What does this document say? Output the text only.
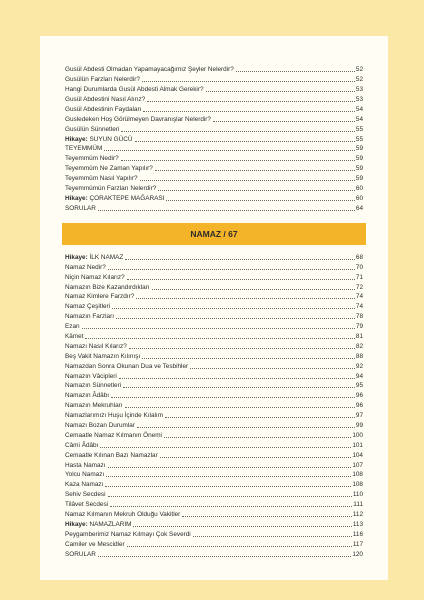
Gusül Abdesti Olmadan Yapamayacağımız Şeyler Nelerdir?	52
Gusülün Farzları Nelerdir?	52
Hangi Durumlarda Gusül Abdesti Almak Gerekir?	53
Gusül Abdestini Nasıl Alırız?	53
Gusül Abdestinin Faydaları	54
Gusledeken Hoş Görülmeyen Davranışlar Nelerdir?	54
Gusülün Sünnetleri	55
Hikaye: SUYUN GÜCÜ	55
TEYEMMÜM	59
Teyemmüm Nedir?	59
Teyemmüm Ne Zaman Yapılır?	59
Teyemmüm Nasıl Yapılır?	59
Teyemmümün Farzları Nelerdir?	60
Hikaye: ÇORAKTEPE MAĞARASI	60
SORULAR	64
NAMAZ / 67
Hikaye: İLK NAMAZ	68
Namaz Nedir?	70
Niçin Namaz Kılarız?	71
Namazın Bize Kazandırdıkları	72
Namaz Kimlere Farzdır?	74
Namaz Çeşitleri	74
Namazın Farzları	78
Ezan	79
Kâmet	81
Namazı Nasıl Kılarız?	82
Beş Vakit Namazın Kılınışı	88
Namazdan Sonra Okunan Dua ve Tesbihler	92
Namazın Vâcipleri	94
Namazın Sünnetleri	95
Namazın Âdâbı	96
Namazın Mekruhları	96
Namazlarımızı Huşu İçinde Kılalım	97
Namazı Bozan Durumlar	99
Cemaatle Namaz Kılmanın Önemi	100
Câmi Âdâbı	101
Cemaatle Kılınan Bazı Namazlar	104
Hasta Namazı	107
Yolcu Namazı	108
Kaza Namazı	108
Sehiv Secdesi	110
Tilâvet Secdesi	111
Namaz Kılmanın Mekruh Olduğu Vakitler	112
Hikaye: NAMAZLARIM	113
Peygamberimiz Namaz Kılmayı Çok Severdi	116
Camiler ve Mescidler	117
SORULAR	120
